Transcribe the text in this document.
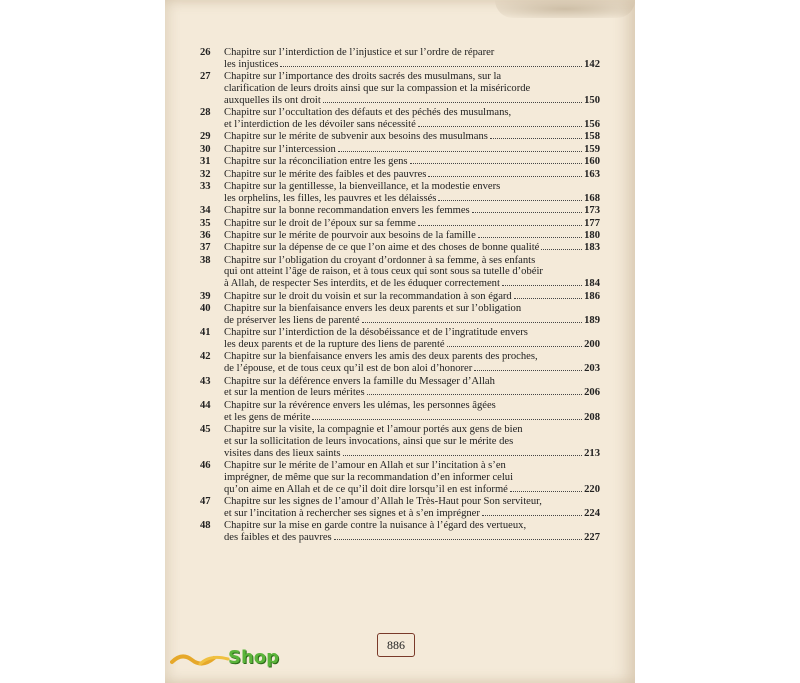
26	Chapitre sur l’interdiction de l’injustice et sur l’ordre de réparer
les injustices	142
27	Chapitre sur l’importance des droits sacrés des musulmans, sur la
clarification de leurs droits ainsi que sur la compassion et la miséricorde
auxquelles ils ont droit	150
28	Chapitre sur l’occultation des défauts et des péchés des musulmans,
et l’interdiction de les dévoiler sans nécessité	156
29	Chapitre sur le mérite de subvenir aux besoins des musulmans	158
30	Chapitre sur l’intercession	159
31	Chapitre sur la réconciliation entre les gens	160
32	Chapitre sur le mérite des faibles et des pauvres	163
33	Chapitre sur la gentillesse, la bienveillance, et la modestie envers
les orphelins, les filles, les pauvres et les délaissés	168
34	Chapitre sur la bonne recommandation envers les femmes	173
35	Chapitre sur le droit de l’époux sur sa femme	177
36	Chapitre sur le mérite de pourvoir aux besoins de la famille	180
37	Chapitre sur la dépense de ce que l’on aime et des choses de bonne qualité	183
38	Chapitre sur l’obligation du croyant d’ordonner à sa femme, à ses enfants
qui ont atteint l’âge de raison, et à tous ceux qui sont sous sa tutelle d’obéir
à Allah, de respecter Ses interdits, et de les éduquer correctement	184
39	Chapitre sur le droit du voisin et sur la recommandation à son égard	186
40	Chapitre sur la bienfaisance envers les deux parents et sur l’obligation
de préserver les liens de parenté	189
41	Chapitre sur l’interdiction de la désobéissance et de l’ingratitude envers
les deux parents et de la rupture des liens de parenté	200
42	Chapitre sur la bienfaisance envers les amis des deux parents des proches,
de l’épouse, et de tous ceux qu’il est de bon aloi d’honorer	203
43	Chapitre sur la déférence envers la famille du Messager d’Allah
et sur la mention de leurs mérites	206
44	Chapitre sur la révérence envers les ulémas, les personnes âgées
et les gens de mérite	208
45	Chapitre sur la visite, la compagnie et l’amour portés aux gens de bien
et sur la sollicitation de leurs invocations, ainsi que sur le mérite des
visites dans des lieux saints	213
46	Chapitre sur le mérite de l’amour en Allah et sur l’incitation à s’en
imprégner, de même que sur la recommandation d’en informer celui
qu’on aime en Allah et de ce qu’il doit dire lorsqu’il en est informé	220
47	Chapitre sur les signes de l’amour d’Allah le Très-Haut pour Son serviteur,
et sur l’incitation à rechercher ses signes et à s’en imprégner	224
48	Chapitre sur la mise en garde contre la nuisance à l’égard des vertueux,
des faibles et des pauvres	227
886
Shop
